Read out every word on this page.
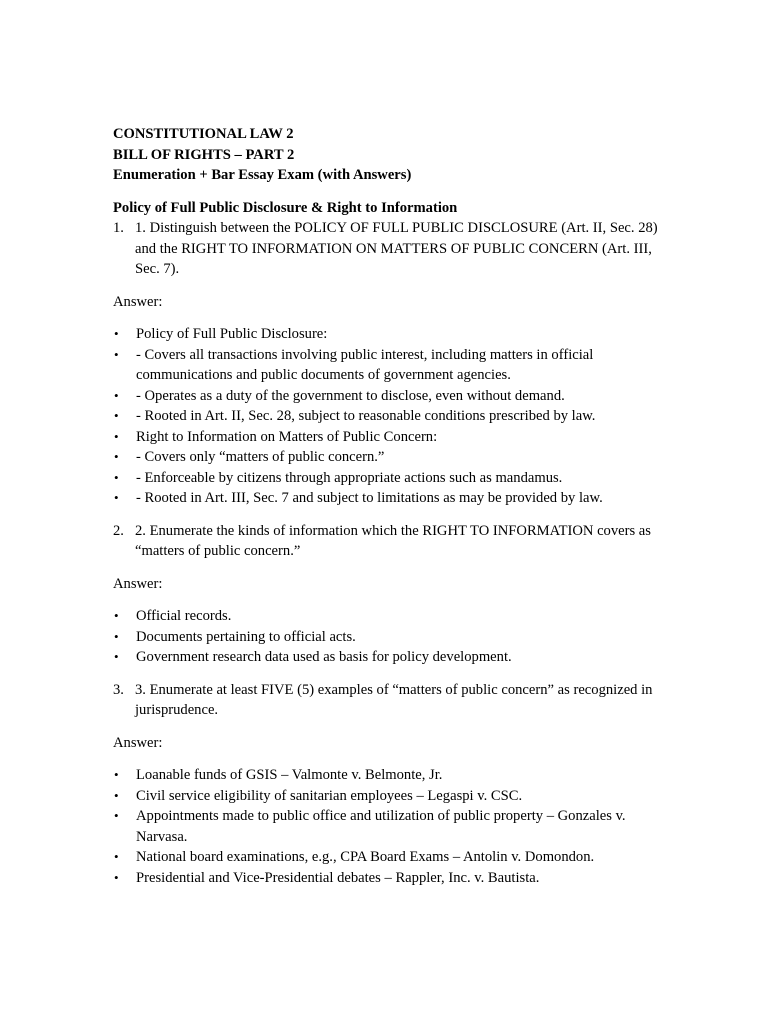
CONSTITUTIONAL LAW 2
BILL OF RIGHTS – PART 2
Enumeration + Bar Essay Exam (with Answers)
Policy of Full Public Disclosure & Right to Information
1. 1. Distinguish between the POLICY OF FULL PUBLIC DISCLOSURE (Art. II, Sec. 28) and the RIGHT TO INFORMATION ON MATTERS OF PUBLIC CONCERN (Art. III, Sec. 7).
Answer:
•	Policy of Full Public Disclosure:
•	- Covers all transactions involving public interest, including matters in official communications and public documents of government agencies.
•	- Operates as a duty of the government to disclose, even without demand.
•	- Rooted in Art. II, Sec. 28, subject to reasonable conditions prescribed by law.
•	Right to Information on Matters of Public Concern:
•	- Covers only “matters of public concern.”
•	- Enforceable by citizens through appropriate actions such as mandamus.
•	- Rooted in Art. III, Sec. 7 and subject to limitations as may be provided by law.
2. 2. Enumerate the kinds of information which the RIGHT TO INFORMATION covers as “matters of public concern.”
Answer:
•	Official records.
•	Documents pertaining to official acts.
•	Government research data used as basis for policy development.
3. 3. Enumerate at least FIVE (5) examples of “matters of public concern” as recognized in jurisprudence.
Answer:
•	Loanable funds of GSIS – Valmonte v. Belmonte, Jr.
•	Civil service eligibility of sanitarian employees – Legaspi v. CSC.
•	Appointments made to public office and utilization of public property – Gonzales v. Narvasa.
•	National board examinations, e.g., CPA Board Exams – Antolin v. Domondon.
•	Presidential and Vice-Presidential debates – Rappler, Inc. v. Bautista.
